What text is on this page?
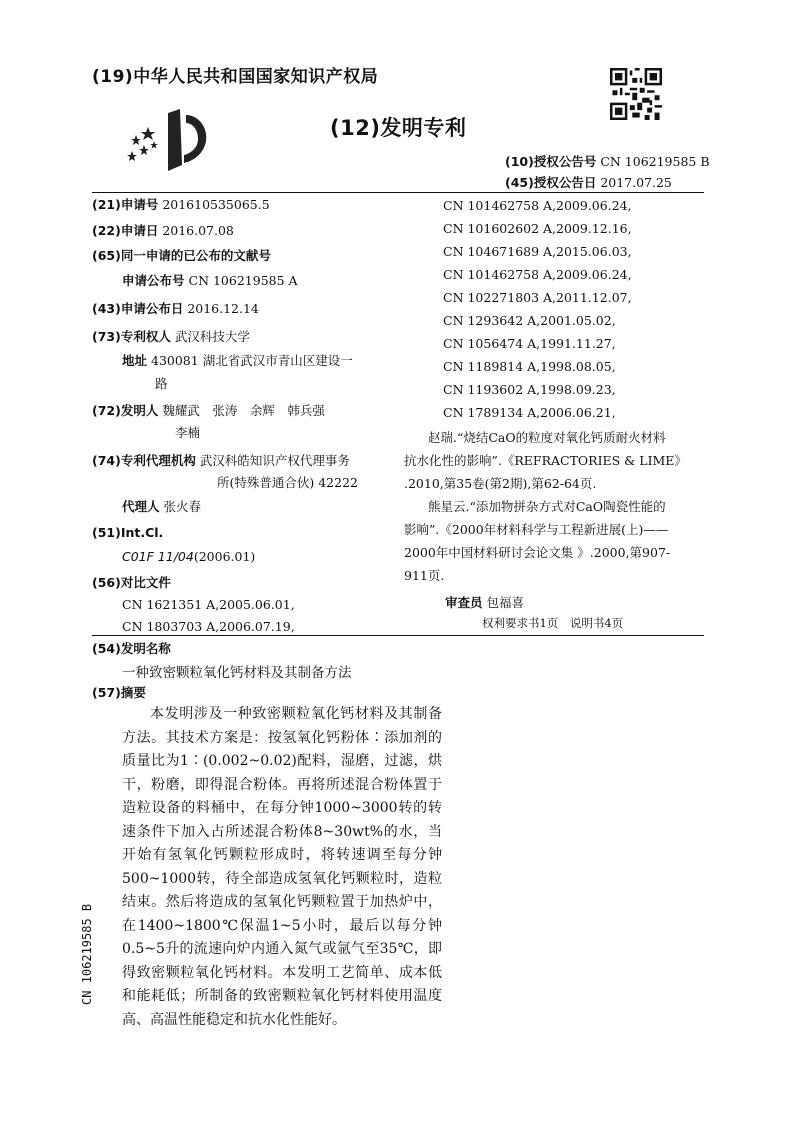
(19)中华人民共和国国家知识产权局
(12)发明专利
(10)授权公告号 CN 106219585 B
(45)授权公告日 2017.07.25
(21)申请号 201610535065.5
(22)申请日 2016.07.08
(65)同一申请的已公布的文献号
申请公布号 CN 106219585 A
(43)申请公布日 2016.12.14
(73)专利权人 武汉科技大学
地址 430081 湖北省武汉市青山区建设一
路
(72)发明人 魏耀武　张涛　余辉　韩兵强
李楠
(74)专利代理机构 武汉科皓知识产权代理事务
所(特殊普通合伙) 42222
代理人 张火春
(51)Int.Cl.
C01F 11/04(2006.01)
(56)对比文件
CN 1621351 A,2005.06.01,
CN 1803703 A,2006.07.19,
CN 101462758 A,2009.06.24,
CN 101602602 A,2009.12.16,
CN 104671689 A,2015.06.03,
CN 101462758 A,2009.06.24,
CN 102271803 A,2011.12.07,
CN 1293642 A,2001.05.02,
CN 1056474 A,1991.11.27,
CN 1189814 A,1998.08.05,
CN 1193602 A,1998.09.23,
CN 1789134 A,2006.06.21,
赵瑞.“烧结CaO的粒度对氧化钙质耐火材料
抗水化性的影响”.《REFRACTORIES & LIME》
.2010,第35卷(第2期),第62-64页.
熊星云.“添加物拼杂方式对CaO陶瓷性能的
影响”.《2000年材料科学与工程新进展(上)——
2000年中国材料研讨会论文集 》.2000,第907-
911页.
审查员 包福喜
权利要求书1页　说明书4页
(54)发明名称
一种致密颗粒氧化钙材料及其制备方法
(57)摘要

本发明涉及一种致密颗粒氧化钙材料及其制备方法。其技术方案是：按氢氧化钙粉体∶添加剂的质量比为1∶(0.002~0.02)配料，湿磨，过滤，烘干，粉磨，即得混合粉体。再将所述混合粉体置于造粒设备的料桶中，在每分钟1000~3000转的转速条件下加入占所述混合粉体8~30wt%的水，当开始有氢氧化钙颗粒形成时，将转速调至每分钟500~1000转，待全部造成氢氧化钙颗粒时，造粒结束。然后将造成的氢氧化钙颗粒置于加热炉中，在1400~1800℃保温1~5小时，最后以每分钟0.5~5升的流速向炉内通入氮气或氩气至35℃，即得致密颗粒氧化钙材料。本发明工艺简单、成本低和能耗低；所制备的致密颗粒氧化钙材料使用温度高、高温性能稳定和抗水化性能好。

CN 106219585 B
